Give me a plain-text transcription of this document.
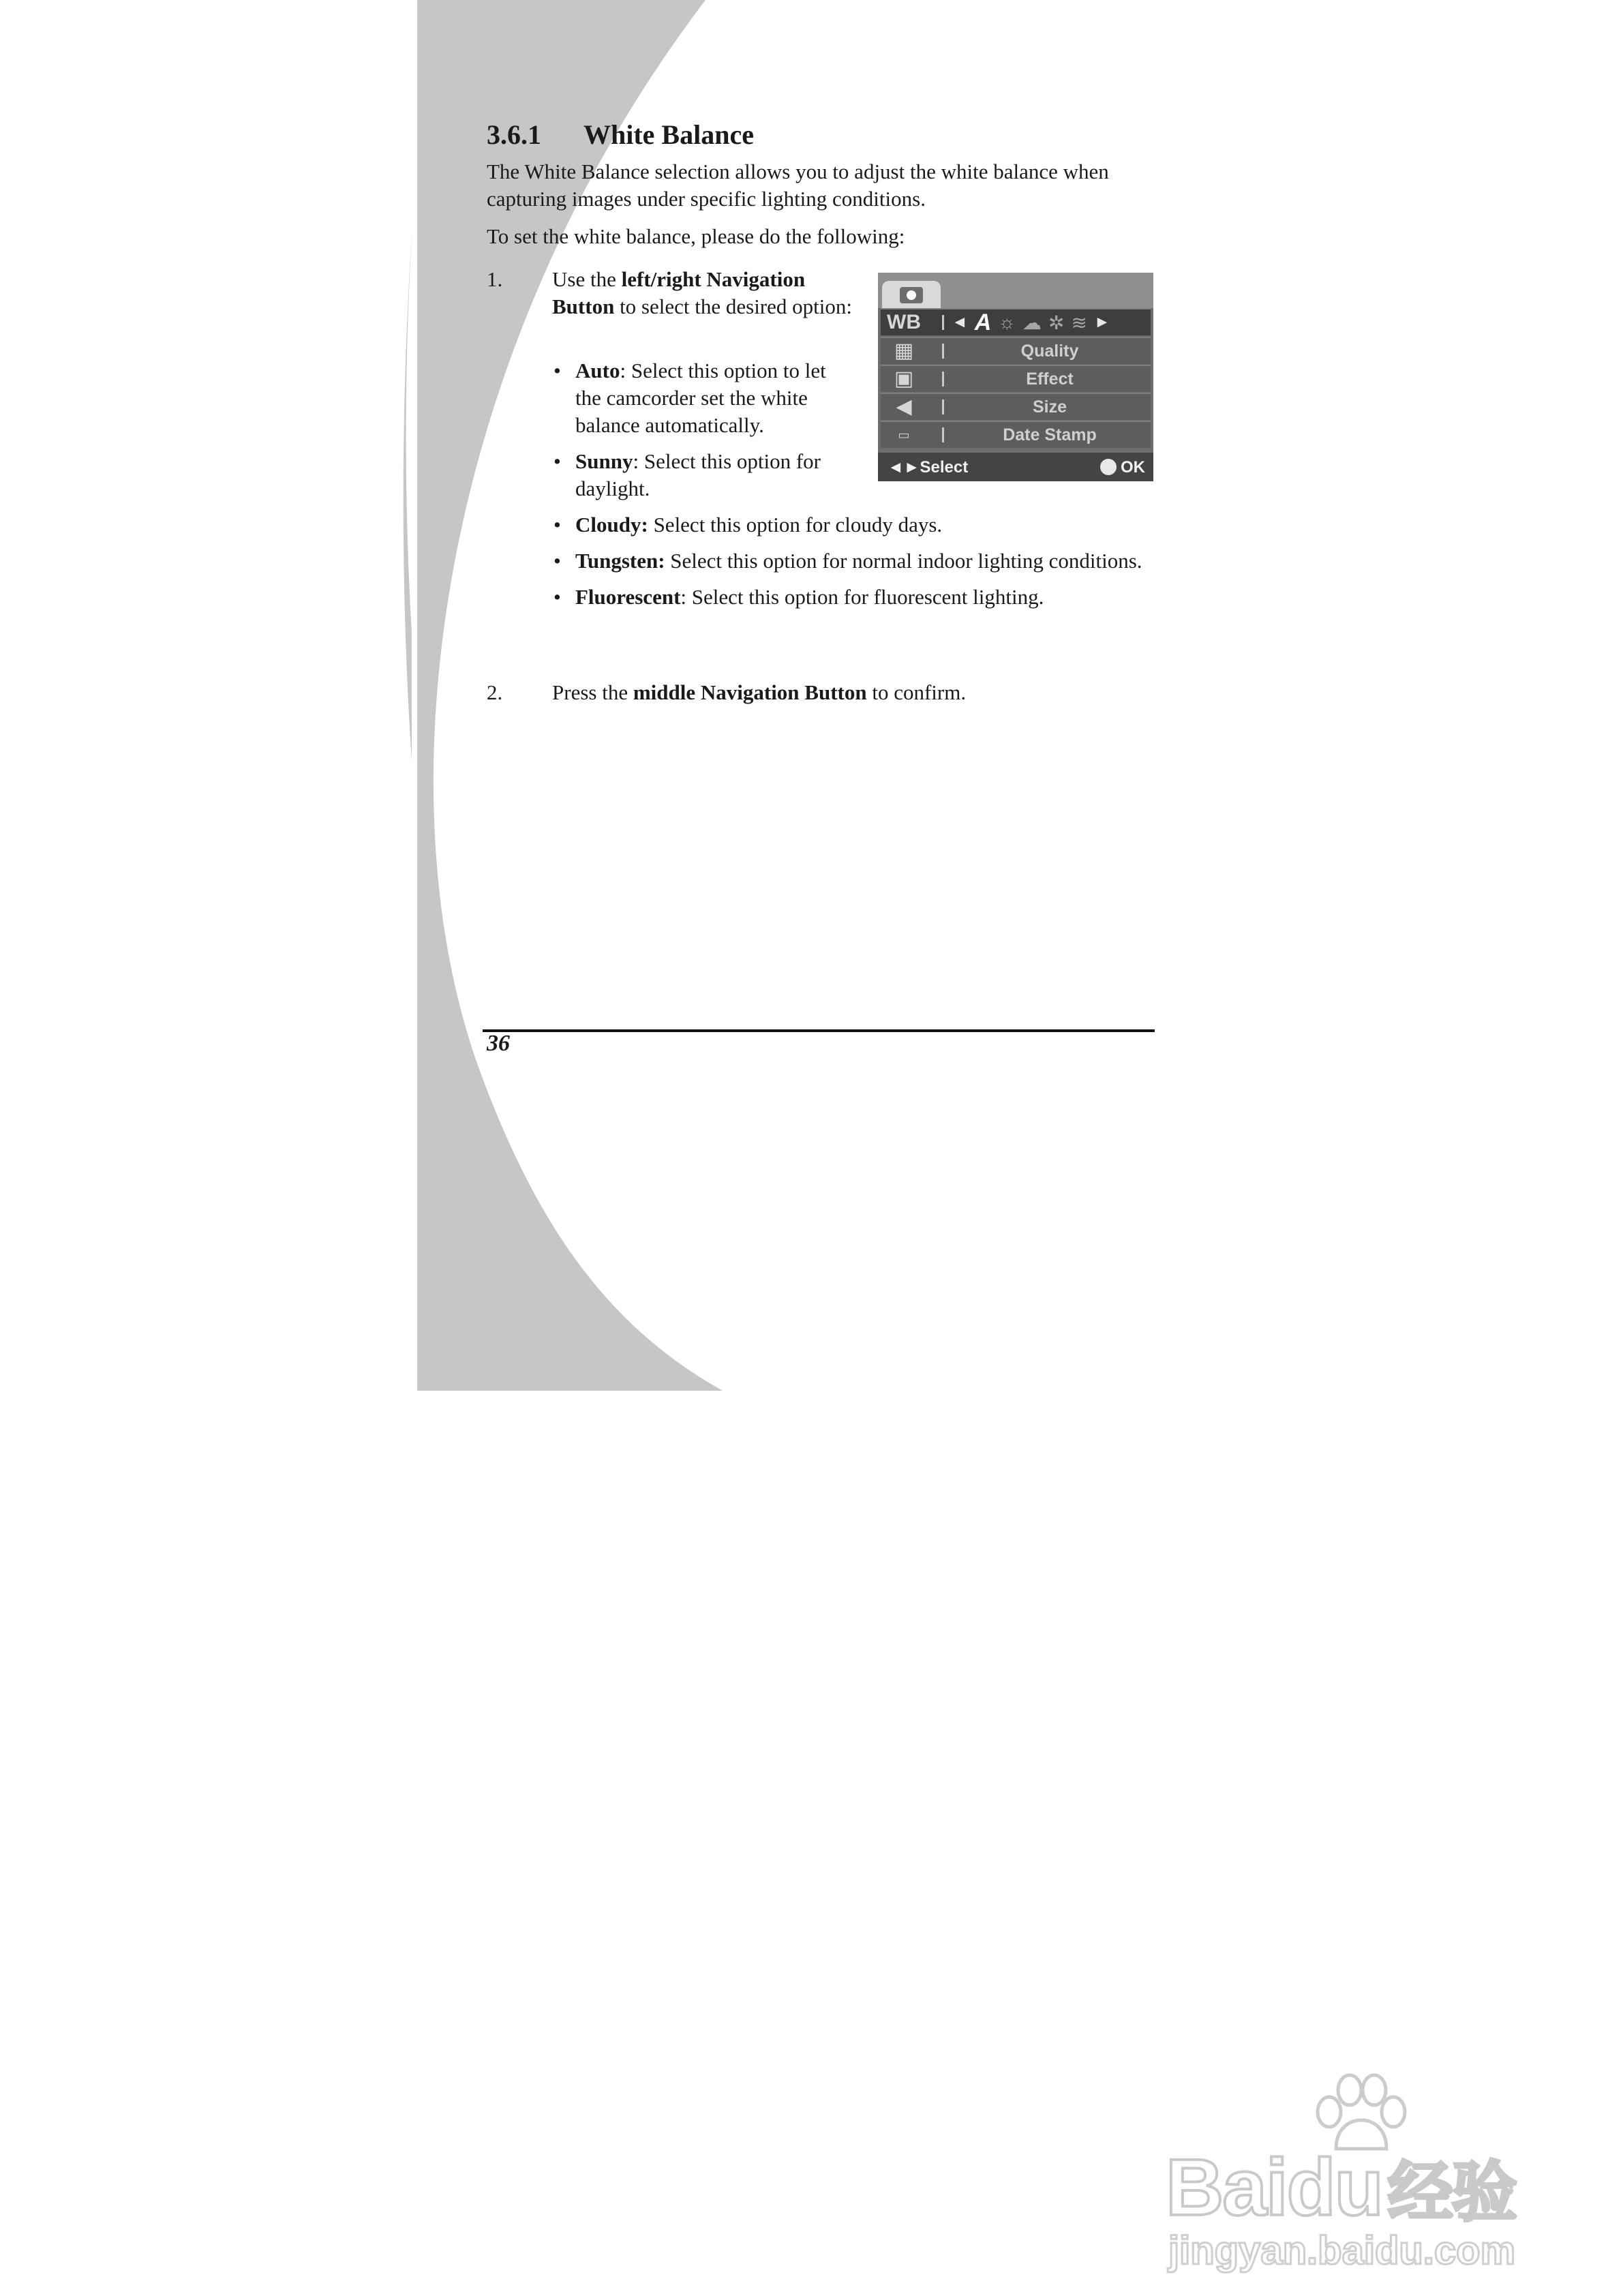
3.6.1 White Balance
The White Balance selection allows you to adjust the white balance when capturing images under specific lighting conditions.
To set the white balance, please do the following:
1. Use the left/right Navigation Button to select the desired option:
• Auto: Select this option to let the camcorder set the white balance automatically.
• Sunny: Select this option for daylight.
• Cloudy: Select this option for cloudy days.
• Tungsten: Select this option for normal indoor lighting conditions.
• Fluorescent: Select this option for fluorescent lighting.
2. Press the middle Navigation Button to confirm.
WB ◄ A ☼ ☁ ✲ ≋ ►
▦	Quality
▣	Effect
◀	Size
▭	Date Stamp
◄►Select	OK
36
Baidu经验
jingyan.baidu.com
